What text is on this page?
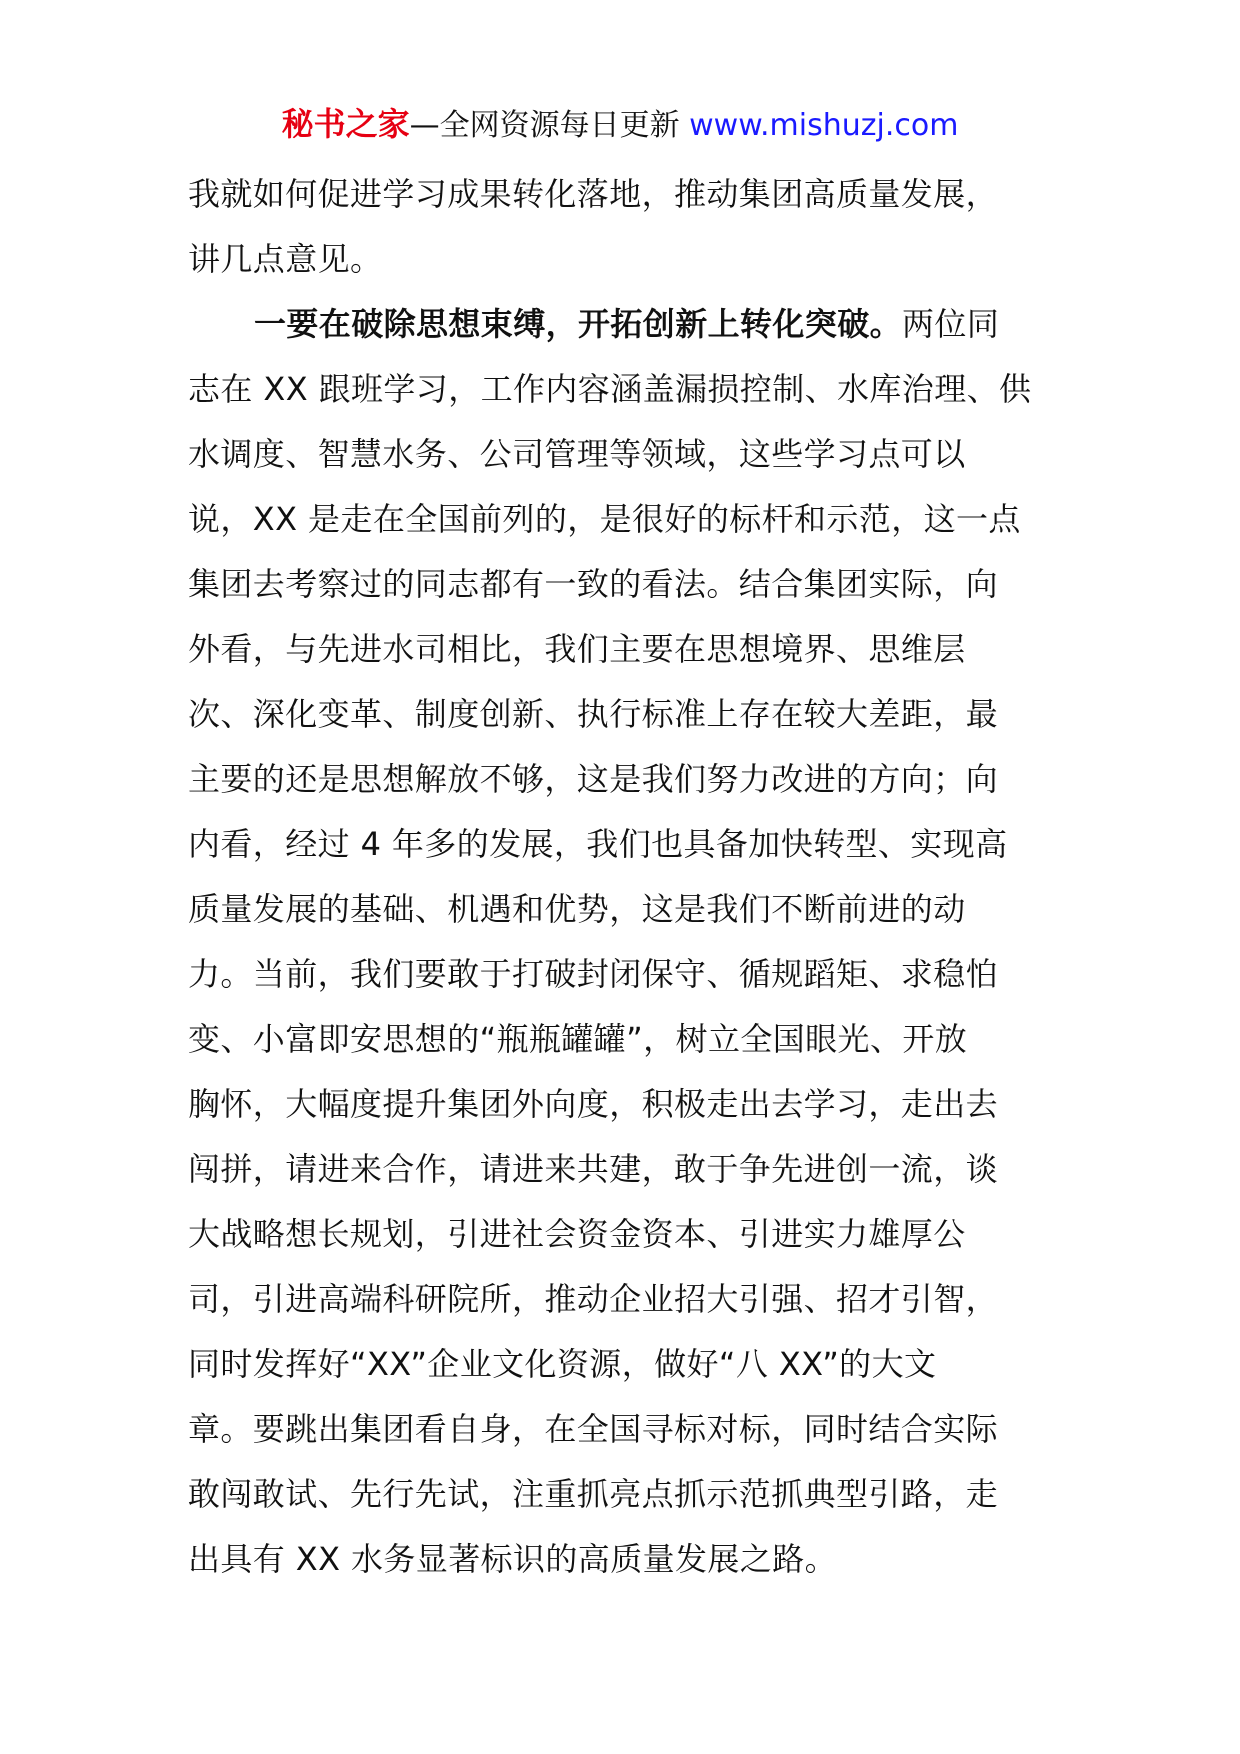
秘书之家—全网资源每日更新 www.mishuzj.com
我就如何促进学习成果转化落地，推动集团高质量发展，
讲几点意见。
一要在破除思想束缚，开拓创新上转化突破。两位同
志在 XX 跟班学习，工作内容涵盖漏损控制、水库治理、供
水调度、智慧水务、公司管理等领域，这些学习点可以
说，XX 是走在全国前列的，是很好的标杆和示范，这一点
集团去考察过的同志都有一致的看法。结合集团实际，向
外看，与先进水司相比，我们主要在思想境界、思维层
次、深化变革、制度创新、执行标准上存在较大差距，最
主要的还是思想解放不够，这是我们努力改进的方向；向
内看，经过 4 年多的发展，我们也具备加快转型、实现高
质量发展的基础、机遇和优势，这是我们不断前进的动
力。当前，我们要敢于打破封闭保守、循规蹈矩、求稳怕
变、小富即安思想的“瓶瓶罐罐”，树立全国眼光、开放
胸怀，大幅度提升集团外向度，积极走出去学习，走出去
闯拼，请进来合作，请进来共建，敢于争先进创一流，谈
大战略想长规划，引进社会资金资本、引进实力雄厚公
司，引进高端科研院所，推动企业招大引强、招才引智，
同时发挥好“XX”企业文化资源，做好“八 XX”的大文
章。要跳出集团看自身，在全国寻标对标，同时结合实际
敢闯敢试、先行先试，注重抓亮点抓示范抓典型引路，走
出具有 XX 水务显著标识的高质量发展之路。
